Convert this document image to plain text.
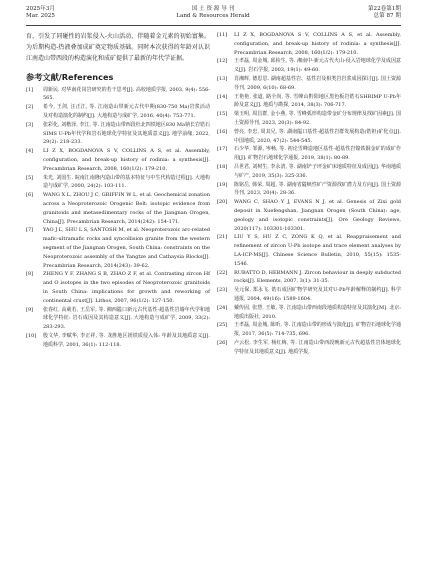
2025年3月
Mar. 2025
国 土 资 源 导 刊
Land & Resources Herald
第22卷第1期
总第 87 期

育，引发了同碰性的岩浆侵入-火山活动，伴随着金元素的初始富集。为后期构造-热液叠加成矿奠定物质基础。同时本次获得的年龄对认识江南造山带西段的构造演化和成矿提供了最新的年代学证据。

参考文献/References
[1]	周新民. 对华南花岗岩研究的若干思考[J]. 高校地质学报, 2003, 9(4): 556-565.
[2]	希今, 王剑, 汪正江, 等. 江南造山带新元古代中期(830-750 Ma)岩浆活动及对构造演化的制约[J]. 大地构造与成矿学, 2016, 40(4): 753-771.
[3]	张彩化, 刘楷泽, 李江, 等. 江南造山带西段杜北四铁地区830 Ma钠长岩锆石SIMS U-Pb年代学和岩石地球化学特征及其地质意义[J]. 地学前缘, 2022, 29(2): 218-233.
[4]	LI Z X, BOGDANOVA S V, COLLINS A S, et al. Assembly, configuration, and break-up history of rodinia: a synthesis[J]. Precambrian Research, 2008, 160(1/2): 179-210.
[5]	朱光, 刘国生. 皖南江南隆内造山带的基本特征与中生代构造过程[J]. 大地构造与成矿学, 2000, 24(2): 103-111.
[6]	WANG X L, ZHOU J C, GRIFFIN W L, et al. Geochemical zonation across a Neoproterozoic Orogenic Belt: isotopic evidence from granitoids and metasedimentary rocks of the Jiangnan Orogen, China[J]. Precambrian Research, 2014(242): 154-171.
[7]	YAO J L, SHU L S, SANTOSH M, et al. Neoproterozoic arc-related mafic-ultramafic rocks and syncollision granite from the western segment of the Jiangnan Orogen, South China: constraints on the Neoproterozoic assembly of the Yangtze and Cathaysia Blocks[J]. Precambrian Research, 2014(243): 39-62.
[8]	ZHENG Y F, ZHANG S B, ZHAO Z F, et al. Contrasting zircon Hf and O isotopes in the two episodes of Neoproterozoic granitoids in South China: implications for growth and reworking of continental crust[J]. Lithos, 2007, 96(1/2): 127-150.
[9]	张春红, 高葳若, 王岳军, 等. 湘西隘口新元古代基性-超基性岩墙年代学和地球化学特征: 岩石成因及其构造意义[J]. 大地构造与成矿学, 2009, 33(2): 283-293.
[10]	殷文华, 李赋华, 李正祥, 等. 龙胜地区镁铁质侵入体: 年龄及其地质意义[J]. 地质科学, 2001, 36(1): 112-118.
[11]	LI Z X, BOGDANOVA S V, COLLINS A S, et al. Assembly, configuration, and break-up history of rodinia: a synthesis[J]. Precambrian Research, 2008, 160(1/2): 179-210.
[12]	王孝磊, 周金城, 邱检生, 等. 湘南中-新元古代火山-侵入岩地球化学及成因意义[J]. 岩石学报, 2003, 19(1): 49-60.
[13]	肖湘辉, 德思思. 湖南超基性岩、基性岩及相类岩岩浆成因探讨[J]. 国土资源导刊, 2009, 6(10): 68-69.
[14]	王艳艳, 张道, 路全尚, 等. 雪峰山黔阳地区黑色板岩锆石SHRIMP U-Pb年龄及意义[J]. 地质与勘探, 2014, 38(3): 706-717.
[15]	梁玉明, 周昌群, 金小燕, 等. 雪峰弧形构造带金矿分布规律及找矿因素[J]. 国土资源导刊, 2023, 20(3): 84-92.
[16]	曾亮, 李忠, 周其兄, 等. 湖南隘口基性-超基性岩群发展构造(锆钽)矿化点[J]. 中国地质, 2020, 47(2): 544-545.
[17]	石少华, 邹源, 岑畅, 等. 初论雪峰造地区基性-超基性岩镍铁铜金矿的成矿作用[J]. 矿物岩石地球化学通报, 2019, 38(1): 80-89.
[18]	吕世君, 刘树生, 李永清, 等. 湖南铲子坪金矿床地质特征及成因[J]. 华南地质与矿产, 2019, 35(3): 325-336.
[19]	陈铭岳, 韩荣, 周超, 等. 湖南省隘峡性矿产资源找矿潜力及方向[J]. 国土资源导刊, 2023, 20(4): 28-36.
[20]	WANG C, SHAO Y J, EVANS N J, et al. Genesis of Zixi gold deposit in Xuefengshan, Jiangnan Orogen (South China): age, geology and isotopic constraints[J]. Ore Geology Reviews, 2020(117): 103301-103301.
[21]	LIU Y S, HU Z C, ZONG K Q, et al. Reappraisement and refinement of zircon U-Pb isotope and trace element analyses by LA-ICP-MS[J]. Chinese Science Bulletin, 2010, 55(15): 1535-1546.
[22]	RUBATTO D, HERMANN J. Zircon behaviour in deeply subducted rocks[J]. Elements, 2007, 3(1): 31-35.
[23]	吴元保, 郑永飞. 锆石成因矿物学研究及其对U-Pb年龄解释的制约[J]. 科学通报, 2004, 49(16): 1589-1604.
[24]	戴传固, 张慧, 王敏, 等. 江南造山带西南段地质构造特征及其演化[M]. 北京: 地质出版社, 2010.
[25]	王孝磊, 周金城, 陈昕, 等. 江南造山带的形成与演化[J]. 矿物岩石地球化学通报, 2017, 36(5): 714-735, 696.
[26]	卢云松, 李生军, 杨红梅, 等. 江南造山带西段晚新元古代超基性岩体地球化学特征及其地质意义[J]. 地质学报,
